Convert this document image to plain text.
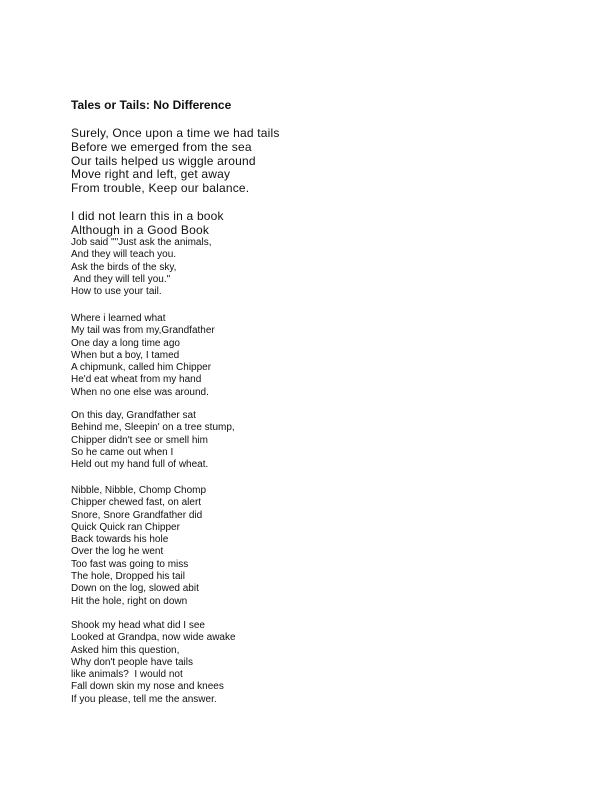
Tales or Tails: No Difference
Surely, Once upon a time we had tails
Before we emerged from the sea
Our tails helped us wiggle around
Move right and left, get away
From trouble, Keep our balance.
I did not learn this in a book
Although in a Good Book
Job said ""Just ask the animals,
And they will teach you.
Ask the birds of the sky,
And they will tell you."
How to use your tail.
Where i learned what
My tail was from my,Grandfather
One day a long time ago
When but a boy, I tamed
A chipmunk, called him Chipper
He'd eat wheat from my hand
When no one else was around.
On this day, Grandfather sat
Behind me, Sleepin' on a tree stump,
Chipper didn't see or smell him
So he came out when I
Held out my hand full of wheat.
Nibble, Nibble, Chomp Chomp
Chipper chewed fast, on alert
Snore, Snore Grandfather did
Quick Quick ran Chipper
Back towards his hole
Over the log he went
Too fast was going to miss
The hole, Dropped his tail
Down on the log, slowed abit
Hit the hole, right on down
Shook my head what did I see
Looked at Grandpa, now wide awake
Asked him this question,
Why don't people have tails
like animals?  I would not
Fall down skin my nose and knees
If you please, tell me the answer.
